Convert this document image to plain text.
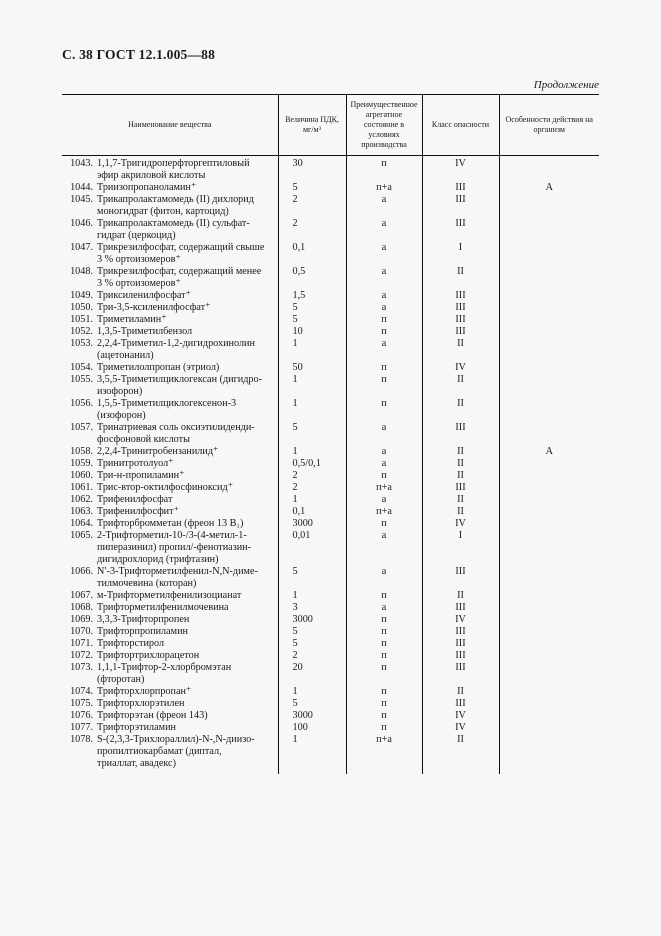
С. 38 ГОСТ 12.1.005—88
Продолжение
Наименование вещества	Величина ПДК, мг/м³	Преимущественное агрегатное состояние в условиях производства	Класс опасности	Особенности действия на организм

1043. 1,1,7-Тригидроперфторгептиловый
эфир акриловой кислоты	30	п	IV	

1044. Триизопропаноламин⁺	5	п+а	III	А

1045. Трикапролактамомедь (II) дихлорид
моногидрат (фитон, картоцид)	2	а	III	

1046. Трикапролактамомедь (II) сульфат-
гидрат (церкоцид)	2	а	III	

1047. Трикрезилфосфат, содержащий свыше
3 % ортоизомеров⁺	0,1	а	I	

1048. Трикрезилфосфат, содержащий менее
3 % ортоизомеров⁺	0,5	а	II	

1049. Триксиленилфосфат⁺	1,5	а	III	

1050. Три-3,5-ксиленилфосфат⁺	5	а	III	

1051. Триметиламин⁺	5	п	III	

1052. 1,3,5-Триметилбензол	10	п	III	

1053. 2,2,4-Триметил-1,2-дигидрохинолин
(ацетонанил)	1	а	II	

1054. Триметилолпропан (этриол)	50	п	IV	

1055. 3,5,5-Триметилциклогексан (дигидро-
изофорон)	1	п	II	

1056. 1,5,5-Триметилциклогексенон-3
(изофорон)	1	п	II	

1057. Тринатриевая соль оксиэтилиденди-
фосфоновой кислоты	5	а	III	

1058. 2,2,4-Тринитробензанилид⁺	1	а	II	А

1059. Тринитротолуол⁺	0,5/0,1	а	II	

1060. Три-н-пропиламин⁺	2	п	II	

1061. Трис-втор-октилфосфиноксид⁺	2	п+а	III	

1062. Трифенилфосфат	1	а	II	

1063. Трифенилфосфит⁺	0,1	п+а	II	

1064. Трифторбромметан (фреон 13 B₁)	3000	п	IV	

1065. 2-Трифторметил-10-/3-(4-метил-1-
пиперазинил) пропил/-фенотиазин-
дигидрохлорид (трифтазин)	0,01	а	I	

1066. N′-3-Трифторметилфенил-N,N-диме-
тилмочевина (которан)	5	а	III	

1067. м-Трифторметилфенилизоцианат	1	п	II	

1068. Трифторметилфенилмочевина	3	а	III	

1069. 3,3,3-Трифторпропен	3000	п	IV	

1070. Трифторпропиламин	5	п	III	

1071. Трифторстирол	5	п	III	

1072. Трифтортрихлорацетон	2	п	III	

1073. 1,1,1-Трифтор-2-хлорбромэтан
(фторотан)	20	п	III	

1074. Трифторхлорпропан⁺	1	п	II	

1075. Трифторхлорэтилен	5	п	III	

1076. Трифторэтан (фреон 143)	3000	п	IV	

1077. Трифторэтиламин	100	п	IV	

1078. S-(2,3,3-Трихлораллил)-N-,N-диизо-
пропилтиокарбамат (диптал,
триаллат, авадекс)	1	п+а	II	
